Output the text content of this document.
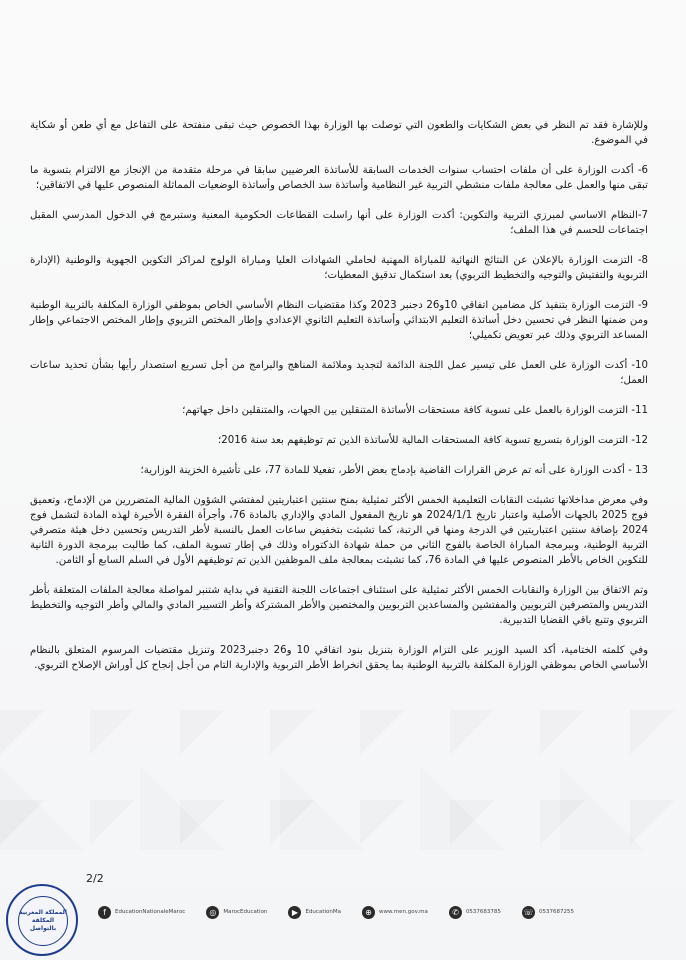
وللإشارة فقد تم النظر في بعض الشكايات والطعون التي توصلت بها الوزارة بهذا الخصوص حيث تبقى منفتحة على التفاعل مع أي طعن أو شكاية في الموضوع.

6- أكدت الوزارة على أن ملفات احتساب سنوات الخدمات السابقة للأساتذة العرضيين سابقا في مرحلة متقدمة من الإنجاز مع الالتزام بتسوية ما تبقى منها والعمل على معالجة ملفات منشطي التربية غير النظامية وأساتذة سد الخصاص وأساتذة الوضعيات المماثلة المنصوص عليها في الاتفاقين؛

7-النظام الاساسي لمبرزي التربية والتكوين: أكدت الوزارة على أنها راسلت القطاعات الحكومية المعنية وستبرمج في الدخول المدرسي المقبل اجتماعات للحسم في هذا الملف؛

8- التزمت الوزارة بالإعلان عن النتائج النهائية للمباراة المهنية لحاملي الشهادات العليا ومباراة الولوج لمراكز التكوين الجهوية والوطنية (الإدارة التربوية والتفتيش والتوجيه والتخطيط التربوي) بعد استكمال تدقيق المعطيات؛

9- التزمت الوزارة بتنفيذ كل مضامين اتفاقي 10و26 دجنبر 2023 وكذا مقتضيات النظام الأساسي الخاص بموظفي الوزارة المكلفة بالتربية الوطنية ومن ضمنها النظر في تحسين دخل أساتذة التعليم الابتدائي وأساتذة التعليم الثانوي الإعدادي وإطار المختص التربوي وإطار المختص الاجتماعي وإطار المساعد التربوي وذلك عبر تعويض تكميلي؛

10- أكدت الوزارة على العمل على تيسير عمل اللجنة الدائمة لتجديد وملائمة المناهج والبرامج من أجل تسريع استصدار رأيها بشأن تحديد ساعات العمل؛

11- التزمت الوزارة بالعمل على تسوية كافة مستحقات الأساتذة المتنقلين بين الجهات، والمتنقلين داخل جهاتهم؛

12- التزمت الوزارة بتسريع تسوية كافة المستحقات المالية للأساتذة الذين تم توظيفهم بعد سنة 2016؛

13 - أكدت الوزارة على أنه تم عرض القرارات القاضية بإدماج بعض الأطر، تفعيلا للمادة 77، على تأشيرة الخزينة الوزارية؛

وفي معرض مداخلاتها تشبثت النقابات التعليمية الخمس الأكثر تمثيلية بمنح سنتين اعتباريتين لمفتشي الشؤون المالية المتضررين من الإدماج، وتعميق فوج 2025 بالجهات الأصلية واعتبار تاريخ 2024/1/1 هو تاريخ المفعول المادي والإداري بالمادة 76، وأجرأة الفقرة الأخيرة لهذه المادة لتشمل فوج 2024 بإضافة سنتين اعتباريتين في الدرجة ومنها في الرتبة، كما تشبثت بتخفيض ساعات العمل بالنسبة لأطر التدريس وتحسين دخل هيئة متصرفي التربية الوطنية، وببرمجة المباراة الخاصة بالفوج الثاني من حملة شهادة الدكتوراه وذلك في إطار تسوية الملف، كما طالبت ببرمجة الدورة الثانية للتكوين الخاص بالأطر المنصوص عليها في المادة 76، كما تشبثت بمعالجة ملف الموظفين الذين تم توظيفهم الأول في السلم السابع أو الثامن.

وتم الاتفاق بين الوزارة والنقابات الخمس الأكثر تمثيلية على استئناف اجتماعات اللجنة التقنية في بداية شتنبر لمواصلة معالجة الملفات المتعلقة بأطر التدريس والمتصرفين التربويين والمفتشين والمساعدين التربويين والمختصين والأطر المشتركة وأطر التسيير المادي والمالي وأطر التوجيه والتخطيط التربوي وتتبع باقي القضايا التدبيرية.

وفي كلمته الختامية، أكد السيد الوزير على التزام الوزارة بتنزيل بنود اتفاقي 10 و26 دجنبر2023 وتنزيل مقتضيات المرسوم المتعلق بالنظام الأساسي الخاص بموظفي الوزارة المكلفة بالتربية الوطنية بما يحقق انخراط الأطر التربوية والإدارية التام من أجل إنجاح كل أوراش الإصلاح التربوي.

2/2
المملكة المغربية
المكلفة
بالتواصل
f	EducationNationaleMaroc	◎	MarocEducation	▶	EducationMa	⊕	www.men.gov.ma	✆	0537683785	☏ 0537687255
